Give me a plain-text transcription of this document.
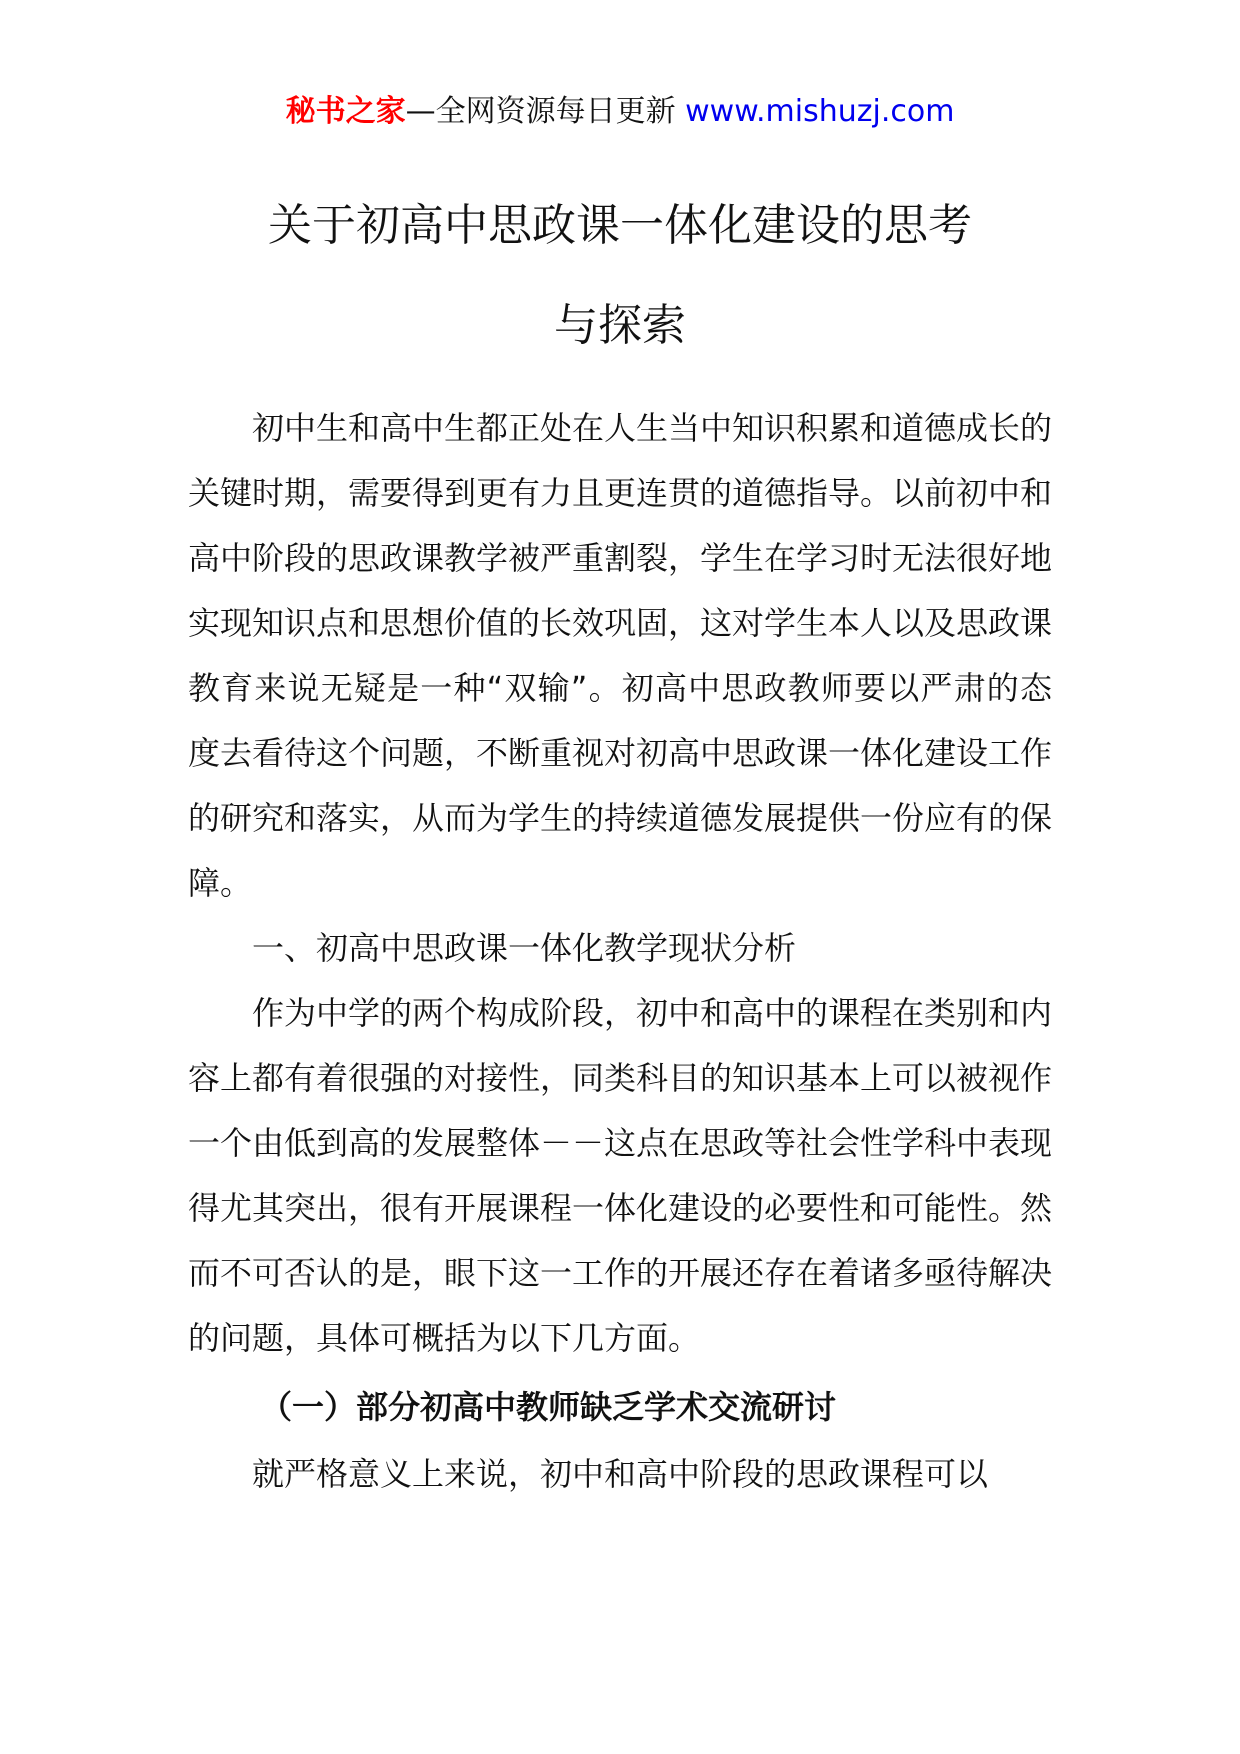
秘书之家—全网资源每日更新 www.mishuzj.com
关于初高中思政课一体化建设的思考
与探索

初中生和高中生都正处在人生当中知识积累和道德成长的关键时期，需要得到更有力且更连贯的道德指导。以前初中和高中阶段的思政课教学被严重割裂，学生在学习时无法很好地实现知识点和思想价值的长效巩固，这对学生本人以及思政课教育来说无疑是一种“双输”。初高中思政教师要以严肃的态度去看待这个问题，不断重视对初高中思政课一体化建设工作的研究和落实，从而为学生的持续道德发展提供一份应有的保障。

一、初高中思政课一体化教学现状分析

作为中学的两个构成阶段，初中和高中的课程在类别和内容上都有着很强的对接性，同类科目的知识基本上可以被视作一个由低到高的发展整体－－这点在思政等社会性学科中表现得尤其突出，很有开展课程一体化建设的必要性和可能性。然而不可否认的是，眼下这一工作的开展还存在着诸多亟待解决的问题，具体可概括为以下几方面。

（一）部分初高中教师缺乏学术交流研讨

就严格意义上来说，初中和高中阶段的思政课程可以
